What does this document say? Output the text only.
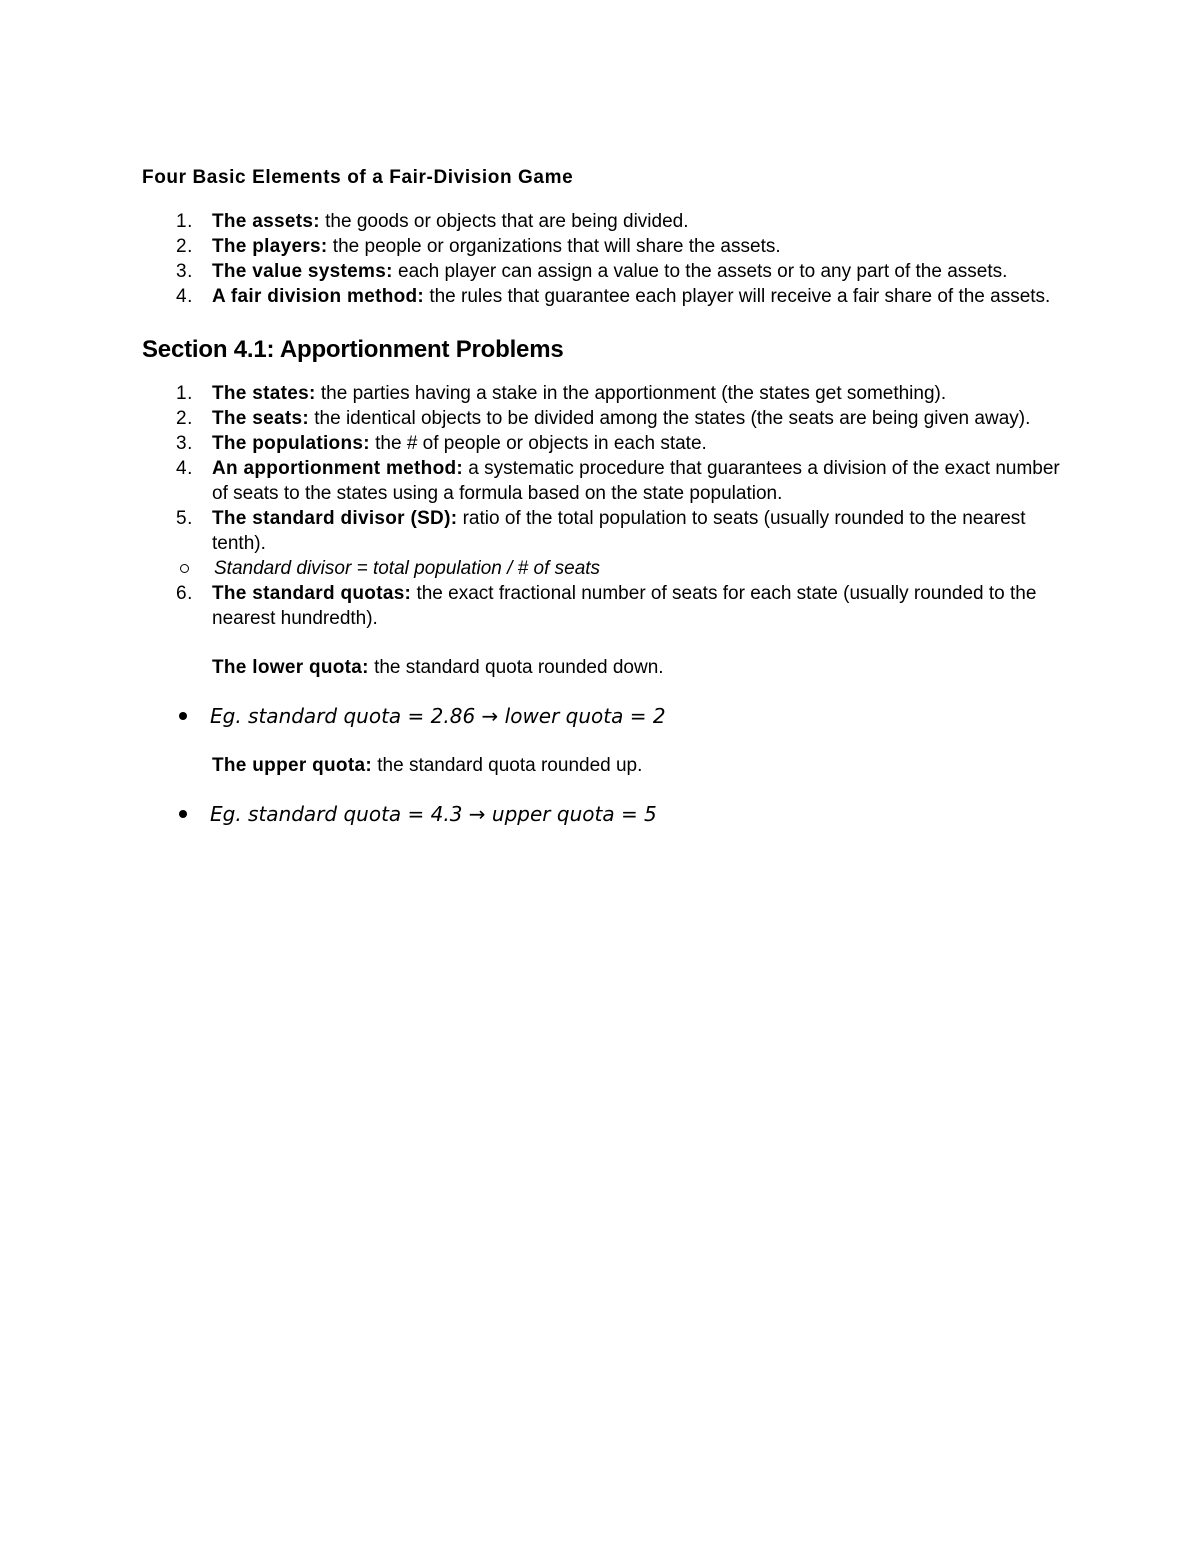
Four Basic Elements of a Fair-Division Game
1. The assets: the goods or objects that are being divided.
2. The players: the people or organizations that will share the assets.
3. The value systems: each player can assign a value to the assets or to any part of the assets.
4. A fair division method: the rules that guarantee each player will receive a fair share of the assets.
Section 4.1: Apportionment Problems
1. The states: the parties having a stake in the apportionment (the states get something).
2. The seats: the identical objects to be divided among the states (the seats are being given away).
3. The populations: the # of people or objects in each state.
4. An apportionment method: a systematic procedure that guarantees a division of the exact number of seats to the states using a formula based on the state population.
5. The standard divisor (SD): ratio of the total population to seats (usually rounded to the nearest tenth).
Standard divisor = total population / # of seats
6. The standard quotas: the exact fractional number of seats for each state (usually rounded to the nearest hundredth).
The lower quota: the standard quota rounded down.
Eg. standard quota = 2.86 → lower quota = 2
The upper quota: the standard quota rounded up.
Eg. standard quota = 4.3 → upper quota = 5
